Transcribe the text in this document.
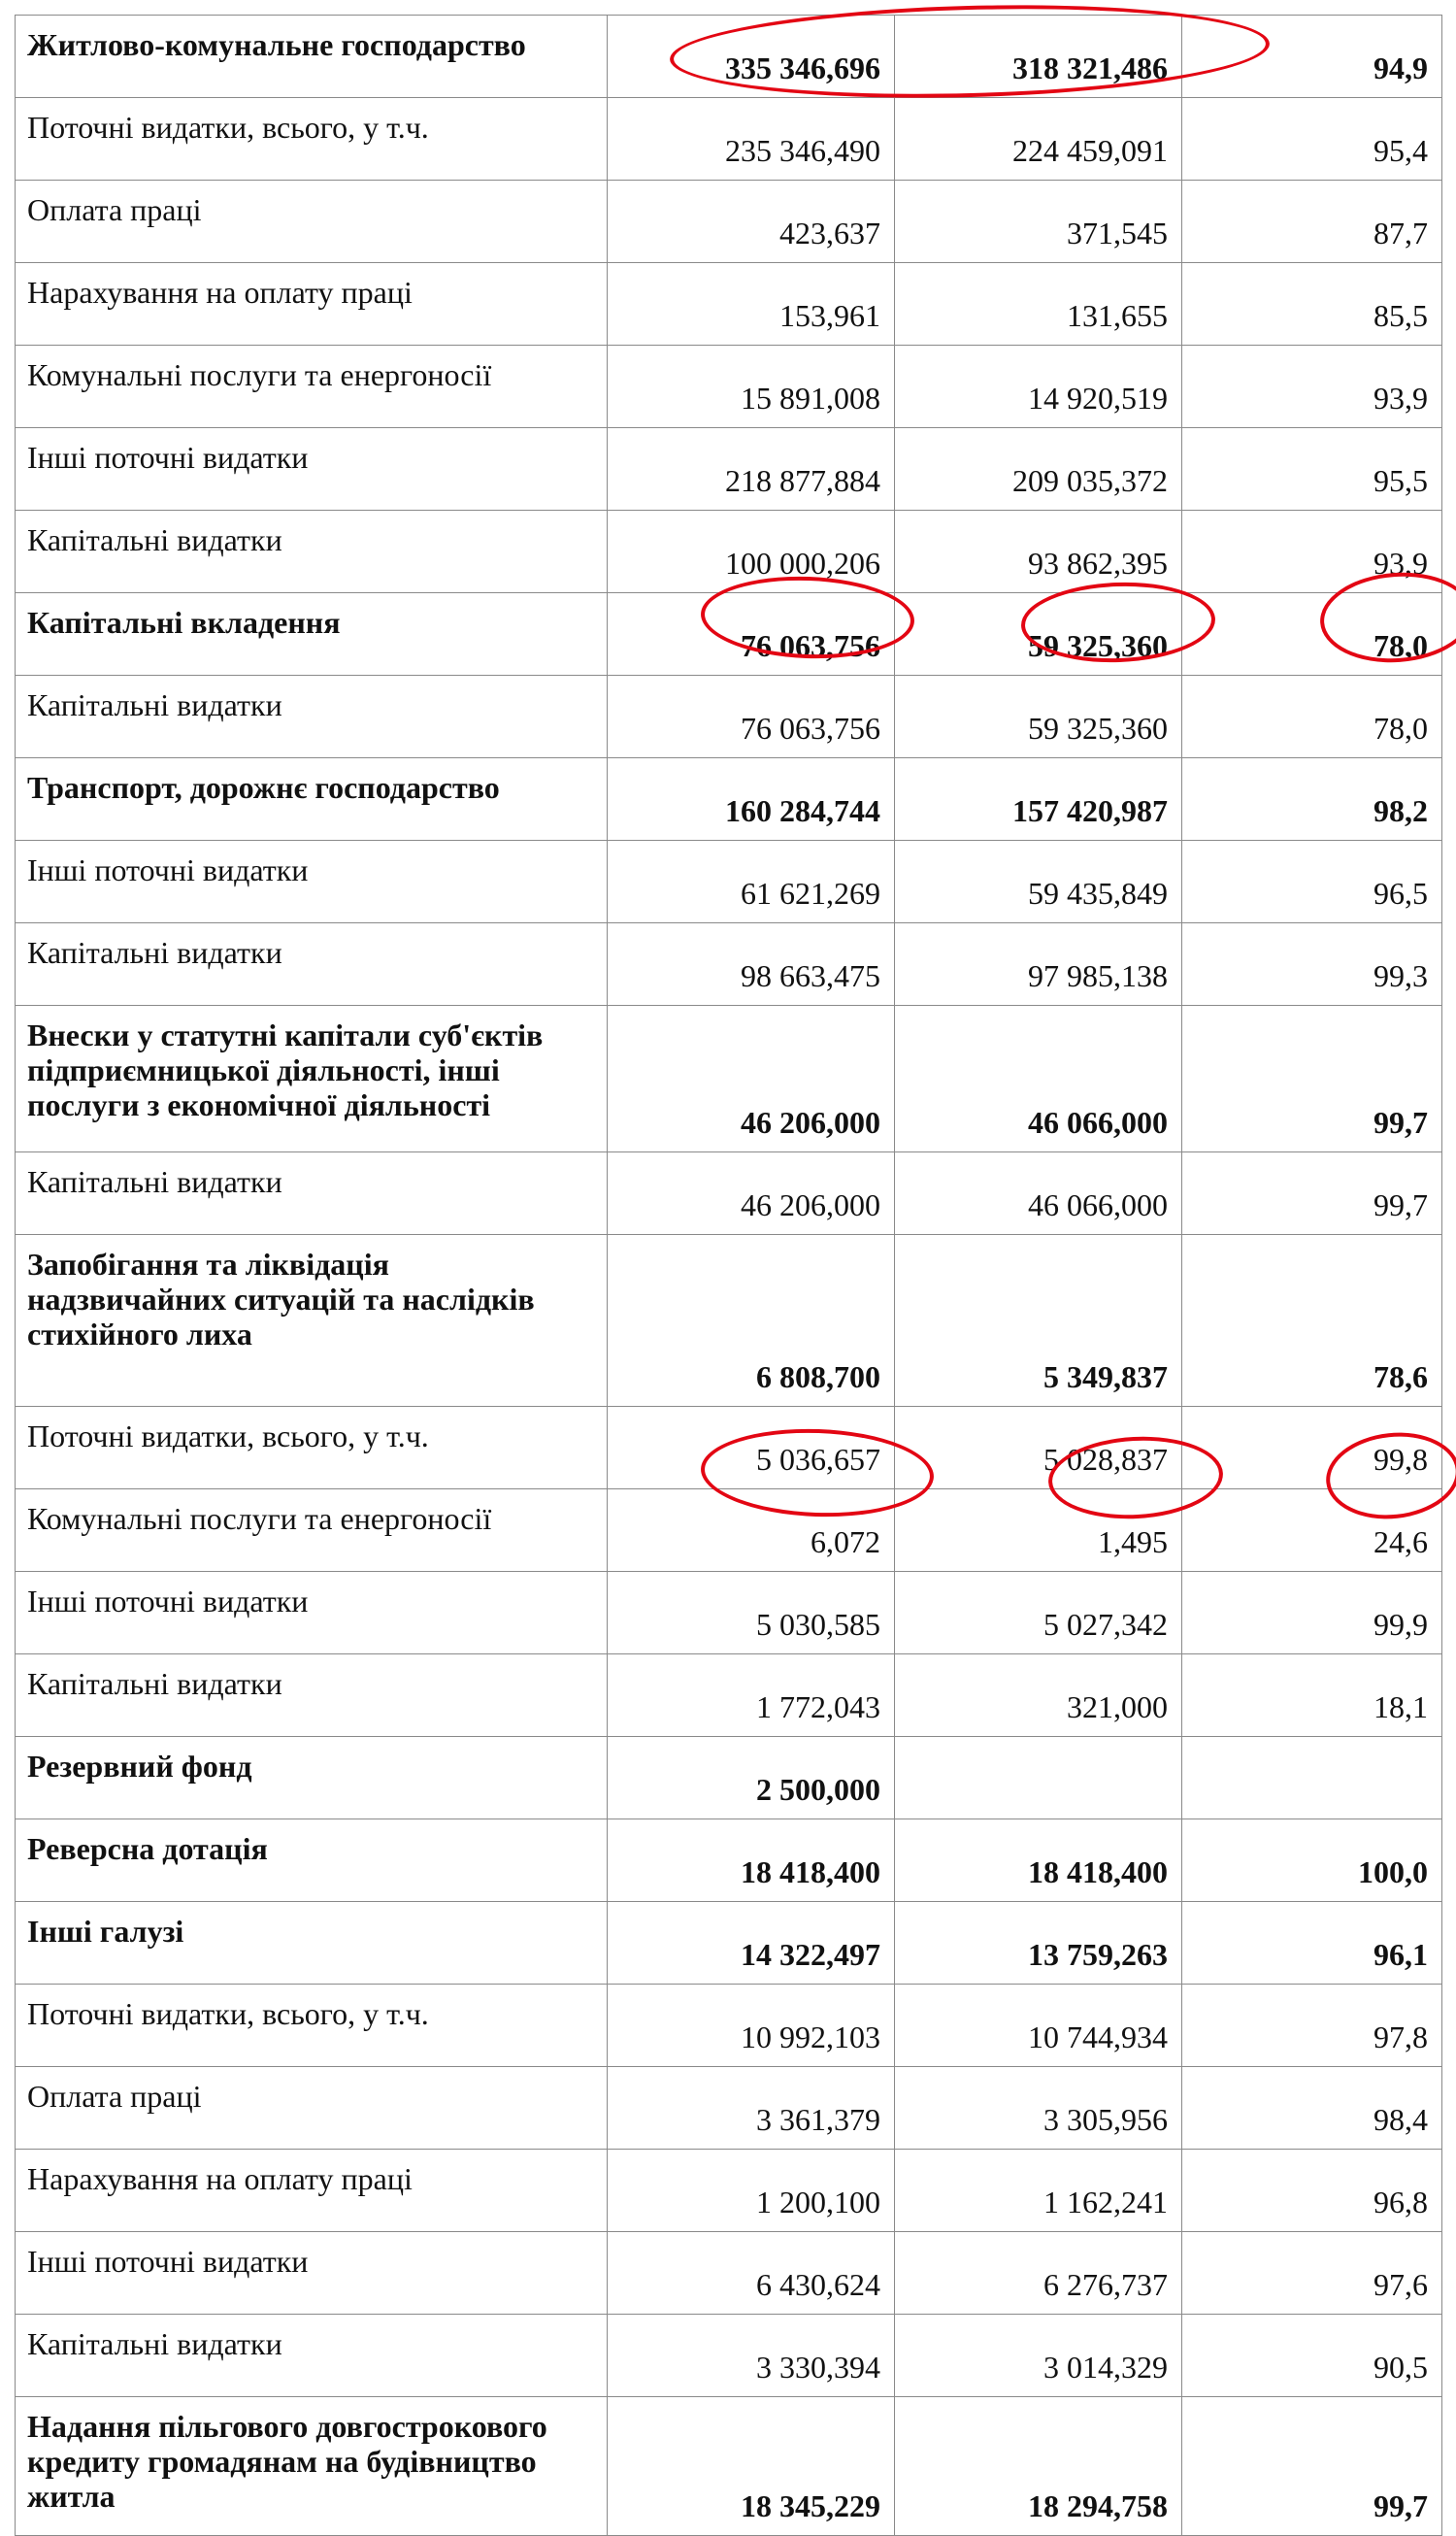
Житлово-комунальне господарство	335 346,696	318 321,486	94,9
Поточні видатки, всього, у т.ч.	235 346,490	224 459,091	95,4
Оплата праці	423,637	371,545	87,7
Нарахування на оплату праці	153,961	131,655	85,5
Комунальні послуги та енергоносії	15 891,008	14 920,519	93,9
Інші поточні видатки	218 877,884	209 035,372	95,5
Капітальні видатки	100 000,206	93 862,395	93,9
Капітальні вкладення	76 063,756	59 325,360	78,0
Капітальні видатки	76 063,756	59 325,360	78,0
Транспорт, дорожнє господарство	160 284,744	157 420,987	98,2
Інші поточні видатки	61 621,269	59 435,849	96,5
Капітальні видатки	98 663,475	97 985,138	99,3
Внески у статутні капітали суб'єктів підприємницької діяльності, інші послуги з економічної діяльності	46 206,000	46 066,000	99,7
Капітальні видатки	46 206,000	46 066,000	99,7
Запобігання та ліквідація надзвичайних ситуацій та наслідків стихійного лиха	6 808,700	5 349,837	78,6
Поточні видатки, всього, у т.ч.	5 036,657	5 028,837	99,8
Комунальні послуги та енергоносії	6,072	1,495	24,6
Інші поточні видатки	5 030,585	5 027,342	99,9
Капітальні видатки	1 772,043	321,000	18,1
Резервний фонд	2 500,000		
Реверсна дотація	18 418,400	18 418,400	100,0
Інші галузі	14 322,497	13 759,263	96,1
Поточні видатки, всього, у т.ч.	10 992,103	10 744,934	97,8
Оплата праці	3 361,379	3 305,956	98,4
Нарахування на оплату праці	1 200,100	1 162,241	96,8
Інші поточні видатки	6 430,624	6 276,737	97,6
Капітальні видатки	3 330,394	3 014,329	90,5
Надання пільгового довгострокового кредиту громадянам на будівництво житла	18 345,229	18 294,758	99,7
